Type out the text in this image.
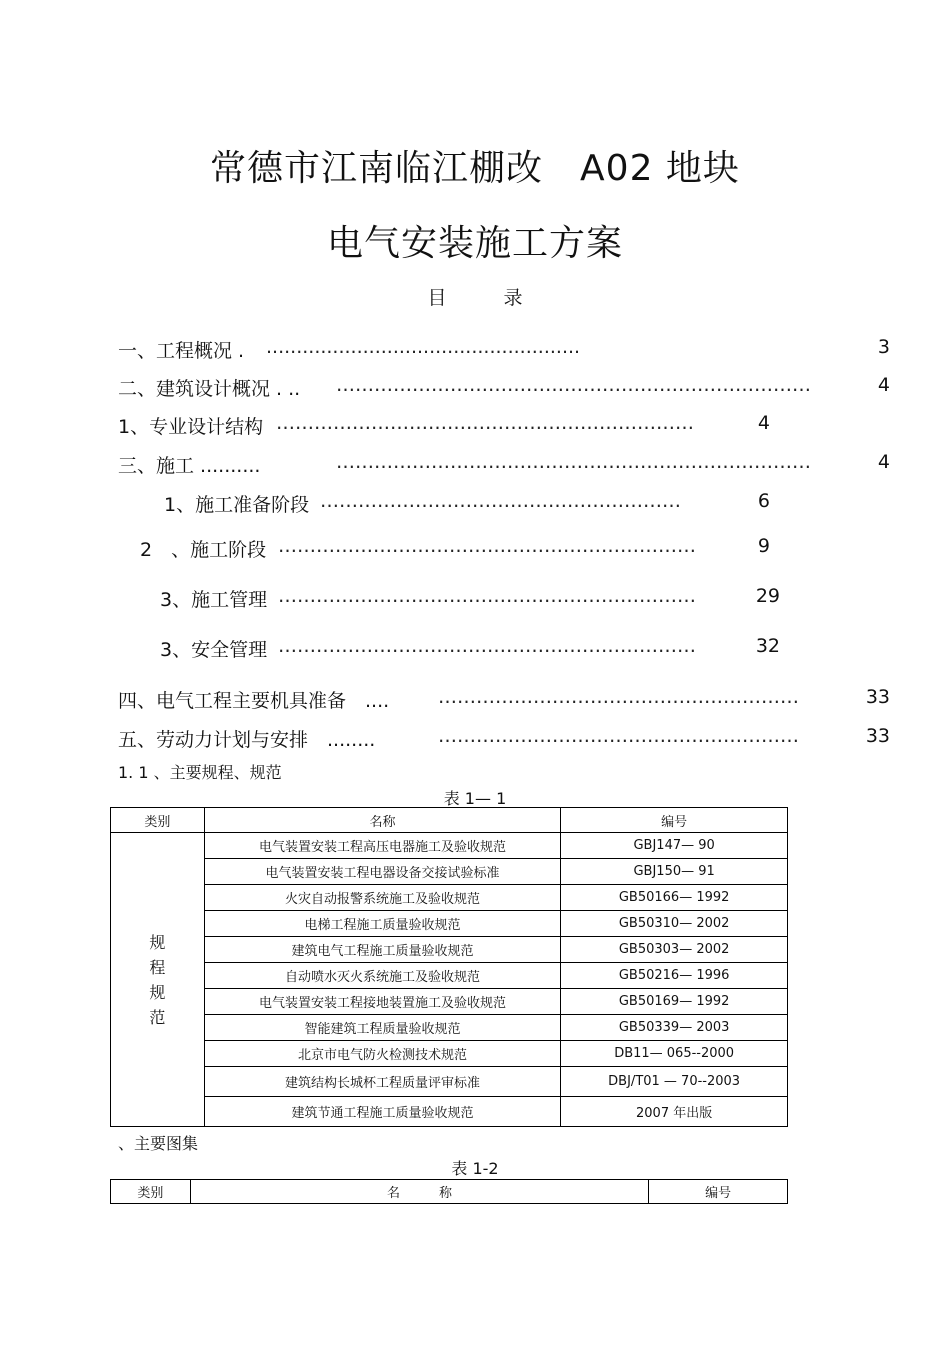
常德市江南临江棚改　A02 地块
电气安装施工方案
目　　　录
一、工程概况 . ....................................................	3
二、建筑设计概况 . .. …………………………………………………………………	4
1、专业设计结构 …………………………………………………………	4
三、施工 ..........	…………………………………………………………………	4
1、施工准备阶段 …………………………………………………	6
2　、施工阶段 …………………………………………………………	9
3、施工管理 …………………………………………………………	29
3、安全管理 …………………………………………………………	32
四、电气工程主要机具准备　....	…………………………………………………	33
五、劳动力计划与安排　........	…………………………………………………	33
1. 1 、主要规程、规范
表 1— 1
类别	名称	编号

规
程
规
范	电气装置安装工程高压电器施工及验收规范	GBJ147— 90
	电气装置安装工程电器设备交接试验标准	GBJ150— 91
	火灾自动报警系统施工及验收规范	GB50166— 1992
	电梯工程施工质量验收规范	GB50310— 2002
	建筑电气工程施工质量验收规范	GB50303— 2002
	自动喷水灭火系统施工及验收规范	GB50216— 1996
	电气装置安装工程接地装置施工及验收规范	GB50169— 1992
	智能建筑工程质量验收规范	GB50339— 2003
	北京市电气防火检测技术规范	DB11— 065--2000
	建筑结构长城杯工程质量评审标准	DBJ/T01 — 70--2003
	建筑节通工程施工质量验收规范	2007 年出版
、主要图集
表 1-2
类别	名　　　称	编号
